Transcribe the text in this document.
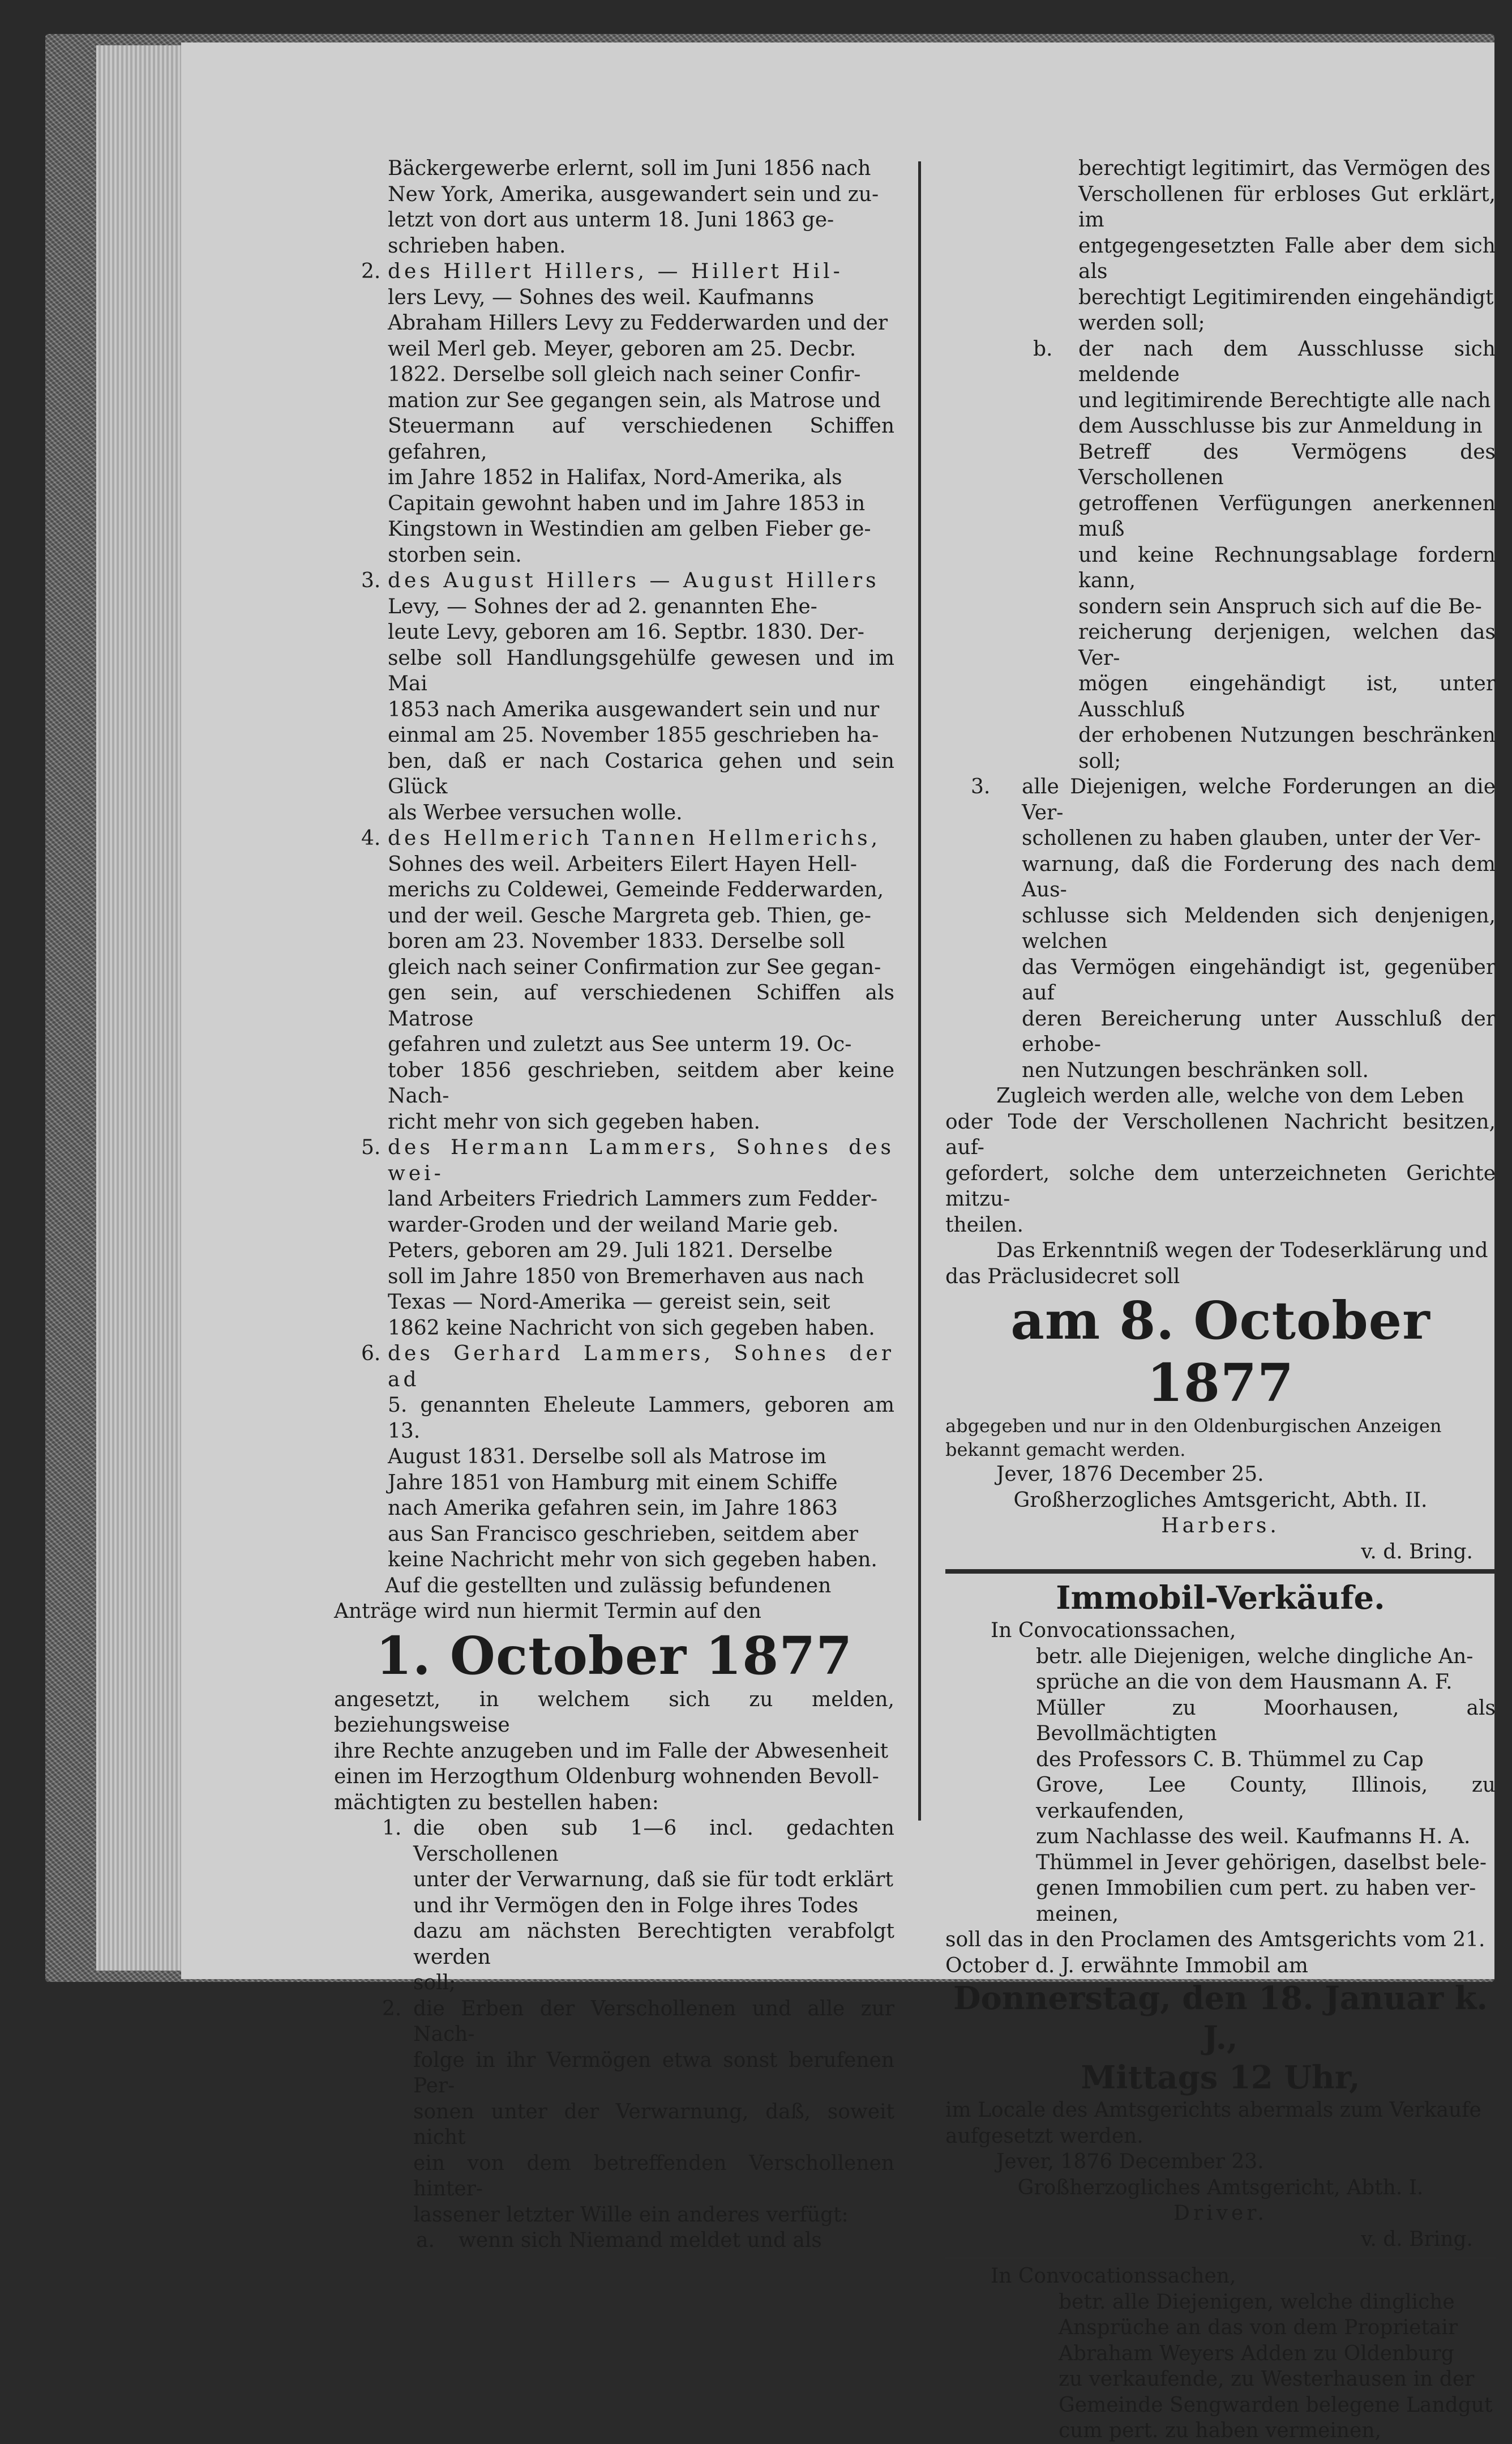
Bäckergewerbe erlernt, soll im Juni 1856 nach
New York, Amerika, ausgewandert sein und zu-
letzt von dort aus unterm 18. Juni 1863 ge-
schrieben haben.
2. des Hillert Hillers, — Hillert Hil-
lers Levy, — Sohnes des weil. Kaufmanns
Abraham Hillers Levy zu Fedderwarden und der
weil Merl geb. Meyer, geboren am 25. Decbr.
1822. Derselbe soll gleich nach seiner Confir-
mation zur See gegangen sein, als Matrose und
Steuermann auf verschiedenen Schiffen gefahren,
im Jahre 1852 in Halifax, Nord-Amerika, als
Capitain gewohnt haben und im Jahre 1853 in
Kingstown in Westindien am gelben Fieber ge-
storben sein.
3. des August Hillers — August Hillers
Levy, — Sohnes der ad 2. genannten Ehe-
leute Levy, geboren am 16. Septbr. 1830. Der-
selbe soll Handlungsgehülfe gewesen und im Mai
1853 nach Amerika ausgewandert sein und nur
einmal am 25. November 1855 geschrieben ha-
ben, daß er nach Costarica gehen und sein Glück
als Werbee versuchen wolle.
4. des Hellmerich Tannen Hellmerichs,
Sohnes des weil. Arbeiters Eilert Hayen Hell-
merichs zu Coldewei, Gemeinde Fedderwarden,
und der weil. Gesche Margreta geb. Thien, ge-
boren am 23. November 1833. Derselbe soll
gleich nach seiner Confirmation zur See gegan-
gen sein, auf verschiedenen Schiffen als Matrose
gefahren und zuletzt aus See unterm 19. Oc-
tober 1856 geschrieben, seitdem aber keine Nach-
richt mehr von sich gegeben haben.
5. des Hermann Lammers, Sohnes des wei-
land Arbeiters Friedrich Lammers zum Fedder-
warder-Groden und der weiland Marie geb.
Peters, geboren am 29. Juli 1821. Derselbe
soll im Jahre 1850 von Bremerhaven aus nach
Texas — Nord-Amerika — gereist sein, seit
1862 keine Nachricht von sich gegeben haben.
6. des Gerhard Lammers, Sohnes der ad
5. genannten Eheleute Lammers, geboren am 13.
August 1831. Derselbe soll als Matrose im
Jahre 1851 von Hamburg mit einem Schiffe
nach Amerika gefahren sein, im Jahre 1863
aus San Francisco geschrieben, seitdem aber
keine Nachricht mehr von sich gegeben haben.
Auf die gestellten und zulässig befundenen
Anträge wird nun hiermit Termin auf den
1. October 1877
angesetzt, in welchem sich zu melden, beziehungsweise
ihre Rechte anzugeben und im Falle der Abwesenheit
einen im Herzogthum Oldenburg wohnenden Bevoll-
mächtigten zu bestellen haben:
1. die oben sub 1—6 incl. gedachten Verschollenen
unter der Verwarnung, daß sie für todt erklärt
und ihr Vermögen den in Folge ihres Todes
dazu am nächsten Berechtigten verabfolgt werden
soll;
2. die Erben der Verschollenen und alle zur Nach-
folge in ihr Vermögen etwa sonst berufenen Per-
sonen unter der Verwarnung, daß, soweit nicht
ein von dem betreffenden Verschollenen hinter-
lassener letzter Wille ein anderes verfügt:
a. wenn sich Niemand meldet und als
berechtigt legitimirt, das Vermögen des
Verschollenen für erbloses Gut erklärt, im
entgegengesetzten Falle aber dem sich als
berechtigt Legitimirenden eingehändigt
werden soll;
b. der nach dem Ausschlusse sich meldende
und legitimirende Berechtigte alle nach
dem Ausschlusse bis zur Anmeldung in
Betreff des Vermögens des Verschollenen
getroffenen Verfügungen anerkennen muß
und keine Rechnungsablage fordern kann,
sondern sein Anspruch sich auf die Be-
reicherung derjenigen, welchen das Ver-
mögen eingehändigt ist, unter Ausschluß
der erhobenen Nutzungen beschränken soll;
3. alle Diejenigen, welche Forderungen an die Ver-
schollenen zu haben glauben, unter der Ver-
warnung, daß die Forderung des nach dem Aus-
schlusse sich Meldenden sich denjenigen, welchen
das Vermögen eingehändigt ist, gegenüber auf
deren Bereicherung unter Ausschluß der erhobe-
nen Nutzungen beschränken soll.
Zugleich werden alle, welche von dem Leben
oder Tode der Verschollenen Nachricht besitzen, auf-
gefordert, solche dem unterzeichneten Gerichte mitzu-
theilen.
Das Erkenntniß wegen der Todeserklärung und
das Präclusidecret soll
am 8. October 1877
abgegeben und nur in den Oldenburgischen Anzeigen
bekannt gemacht werden.
Jever, 1876 December 25.
Großherzogliches Amtsgericht, Abth. II.
Harbers.
v. d. Bring.
Immobil-Verkäufe.
In Convocationssachen,
betr. alle Diejenigen, welche dingliche An-
sprüche an die von dem Hausmann A. F.
Müller zu Moorhausen, als Bevollmächtigten
des Professors C. B. Thümmel zu Cap
Grove, Lee County, Illinois, zu verkaufenden,
zum Nachlasse des weil. Kaufmanns H. A.
Thümmel in Jever gehörigen, daselbst bele-
genen Immobilien cum pert. zu haben ver-
meinen,
soll das in den Proclamen des Amtsgerichts vom 21.
October d. J. erwähnte Immobil am
Donnerstag, den 18. Januar k. J.,
Mittags 12 Uhr,
im Locale des Amtsgerichts abermals zum Verkaufe
aufgesetzt werden.
Jever, 1876 December 23.
Großherzogliches Amtsgericht, Abth. I.
Driver.
v. d. Bring.
In Convocationssachen,
betr. alle Diejenigen, welche dingliche
Ansprüche an das von dem Proprietair
Abraham Weyers Adden zu Oldenburg
zu verkaufende, zu Westerhausen in der
Gemeinde Sengwarden belegene Landgut
cum pert. zu haben vermeinen,
